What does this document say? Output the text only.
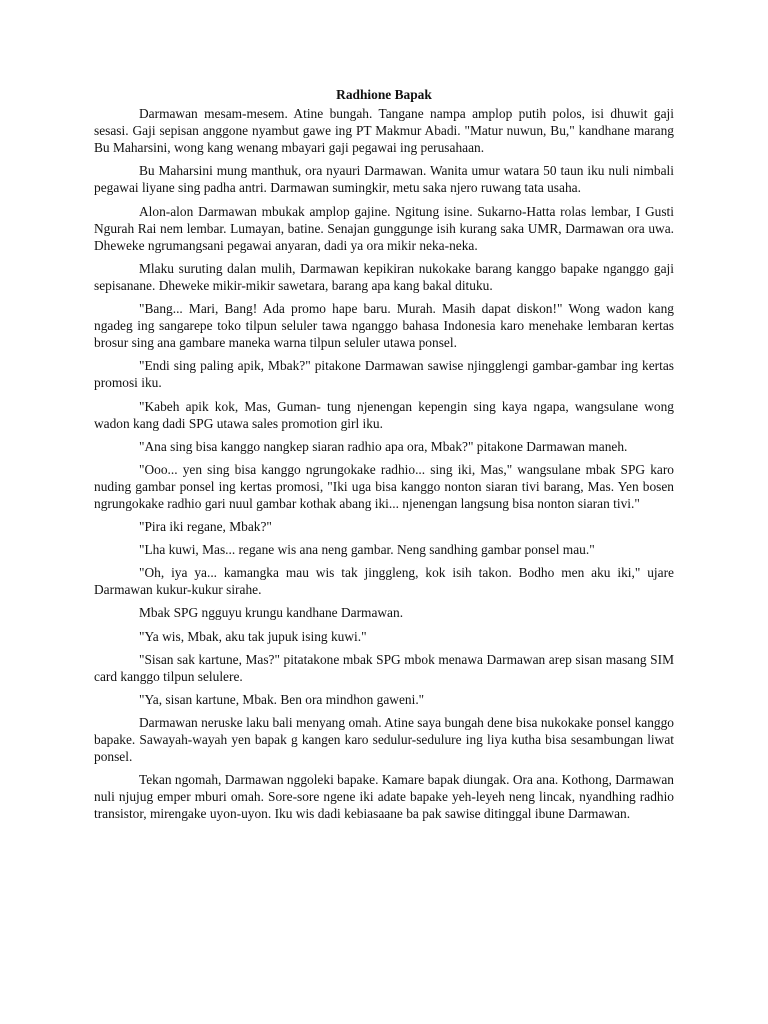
Radhione Bapak

Darmawan mesam-mesem. Atine bungah. Tangane nampa amplop putih polos, isi dhuwit gaji sesasi. Gaji sepisan anggone nyambut gawe ing PT Makmur Abadi. "Matur nuwun, Bu," kandhane marang Bu Maharsini, wong kang wenang mbayari gaji pegawai ing perusahaan.

Bu Maharsini mung manthuk, ora nyauri Darmawan. Wanita umur watara 50 taun iku nuli nimbali pegawai liyane sing padha antri. Darmawan sumingkir, metu saka njero ruwang tata usaha.

Alon-alon Darmawan mbukak amplop gajine. Ngitung isine. Sukarno-Hatta rolas lembar, I Gusti Ngurah Rai nem lembar. Lumayan, batine. Senajan gunggunge isih kurang saka UMR, Darmawan ora uwa. Dheweke ngrumangsani pegawai anyaran, dadi ya ora mikir neka-neka.

Mlaku suruting dalan mulih, Darmawan kepikiran nukokake barang kanggo bapake nganggo gaji sepisanane. Dheweke mikir-mikir sawetara, barang apa kang bakal dituku.

"Bang... Mari, Bang! Ada promo hape baru. Murah. Masih dapat diskon!" Wong wadon kang ngadeg ing sangarepe toko tilpun seluler tawa nganggo bahasa Indonesia karo menehake lembaran kertas brosur sing ana gambare maneka warna tilpun seluler utawa ponsel.

"Endi sing paling apik, Mbak?" pitakone Darmawan sawise njingglengi gambar-gambar ing kertas promosi iku.

"Kabeh apik kok, Mas, Guman- tung njenengan kepengin sing kaya ngapa, wangsulane wong wadon kang dadi SPG utawa sales promotion girl iku.

"Ana sing bisa kanggo nangkep siaran radhio apa ora, Mbak?" pitakone Darmawan maneh.

"Ooo... yen sing bisa kanggo ngrungokake radhio... sing iki, Mas," wangsulane mbak SPG karo nuding gambar ponsel ing kertas promosi, "Iki uga bisa kanggo nonton siaran tivi barang, Mas. Yen bosen ngrungokake radhio gari nuul gambar kothak abang iki... njenengan langsung bisa nonton siaran tivi."

"Pira iki regane, Mbak?"

"Lha kuwi, Mas... regane wis ana neng gambar. Neng sandhing gambar ponsel mau."

"Oh, iya ya... kamangka mau wis tak jinggleng, kok isih takon. Bodho men aku iki," ujare Darmawan kukur-kukur sirahe.

Mbak SPG ngguyu krungu kandhane Darmawan.

"Ya wis, Mbak, aku tak jupuk ising kuwi."

"Sisan sak kartune, Mas?" pitatakone mbak SPG mbok menawa Darmawan arep sisan masang SIM card kanggo tilpun selulere.

"Ya, sisan kartune, Mbak. Ben ora mindhon gaweni."

Darmawan neruske laku bali menyang omah. Atine saya bungah dene bisa nukokake ponsel kanggo bapake. Sawayah-wayah yen bapak g kangen karo sedulur-sedulure ing liya kutha bisa sesambungan liwat ponsel.

Tekan ngomah, Darmawan nggoleki bapake. Kamare bapak diungak. Ora ana. Kothong, Darmawan nuli njujug emper mburi omah. Sore-sore ngene iki adate bapake yeh-leyeh neng lincak, nyandhing radhio transistor, mirengake uyon-uyon. Iku wis dadi kebiasaane ba pak sawise ditinggal ibune Darmawan.
